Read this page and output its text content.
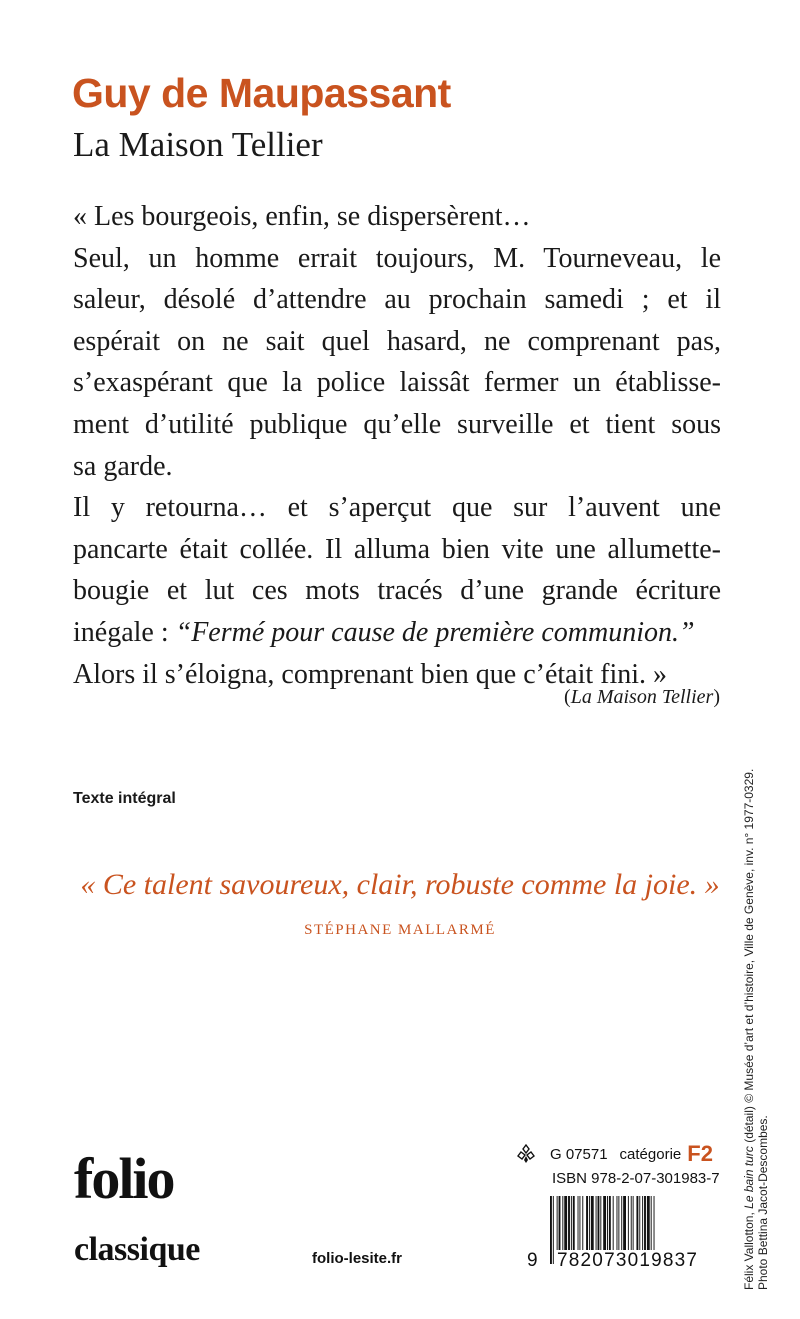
Guy de Maupassant
La Maison Tellier
« Les bourgeois, enfin, se dispersèrent…
Seul, un homme errait toujours, M. Tourneveau, le
saleur, désolé d’attendre au prochain samedi ; et il
espérait on ne sait quel hasard, ne comprenant pas,
s’exaspérant que la police laissât fermer un établisse-
ment d’utilité publique qu’elle surveille et tient sous
sa garde.
Il y retourna… et s’aperçut que sur l’auvent une
pancarte était collée. Il alluma bien vite une allumette-
bougie et lut ces mots tracés d’une grande écriture
inégale : “Fermé pour cause de première communion.”
Alors il s’éloigna, comprenant bien que c’était fini. »
(La Maison Tellier)
Texte intégral
« Ce talent savoureux, clair, robuste comme la joie. »
STÉPHANE MALLARMÉ
folio
classique	folio-lesite.fr
G 07571 catégorie F2
ISBN 978-2-07-301983-7
9 782073019837	Félix Vallotton, Le bain turc (détail) © Musée d’art et d’histoire, Ville de Genève, inv. n° 1977-0329.
Photo Bettina Jacot-Descombes.
